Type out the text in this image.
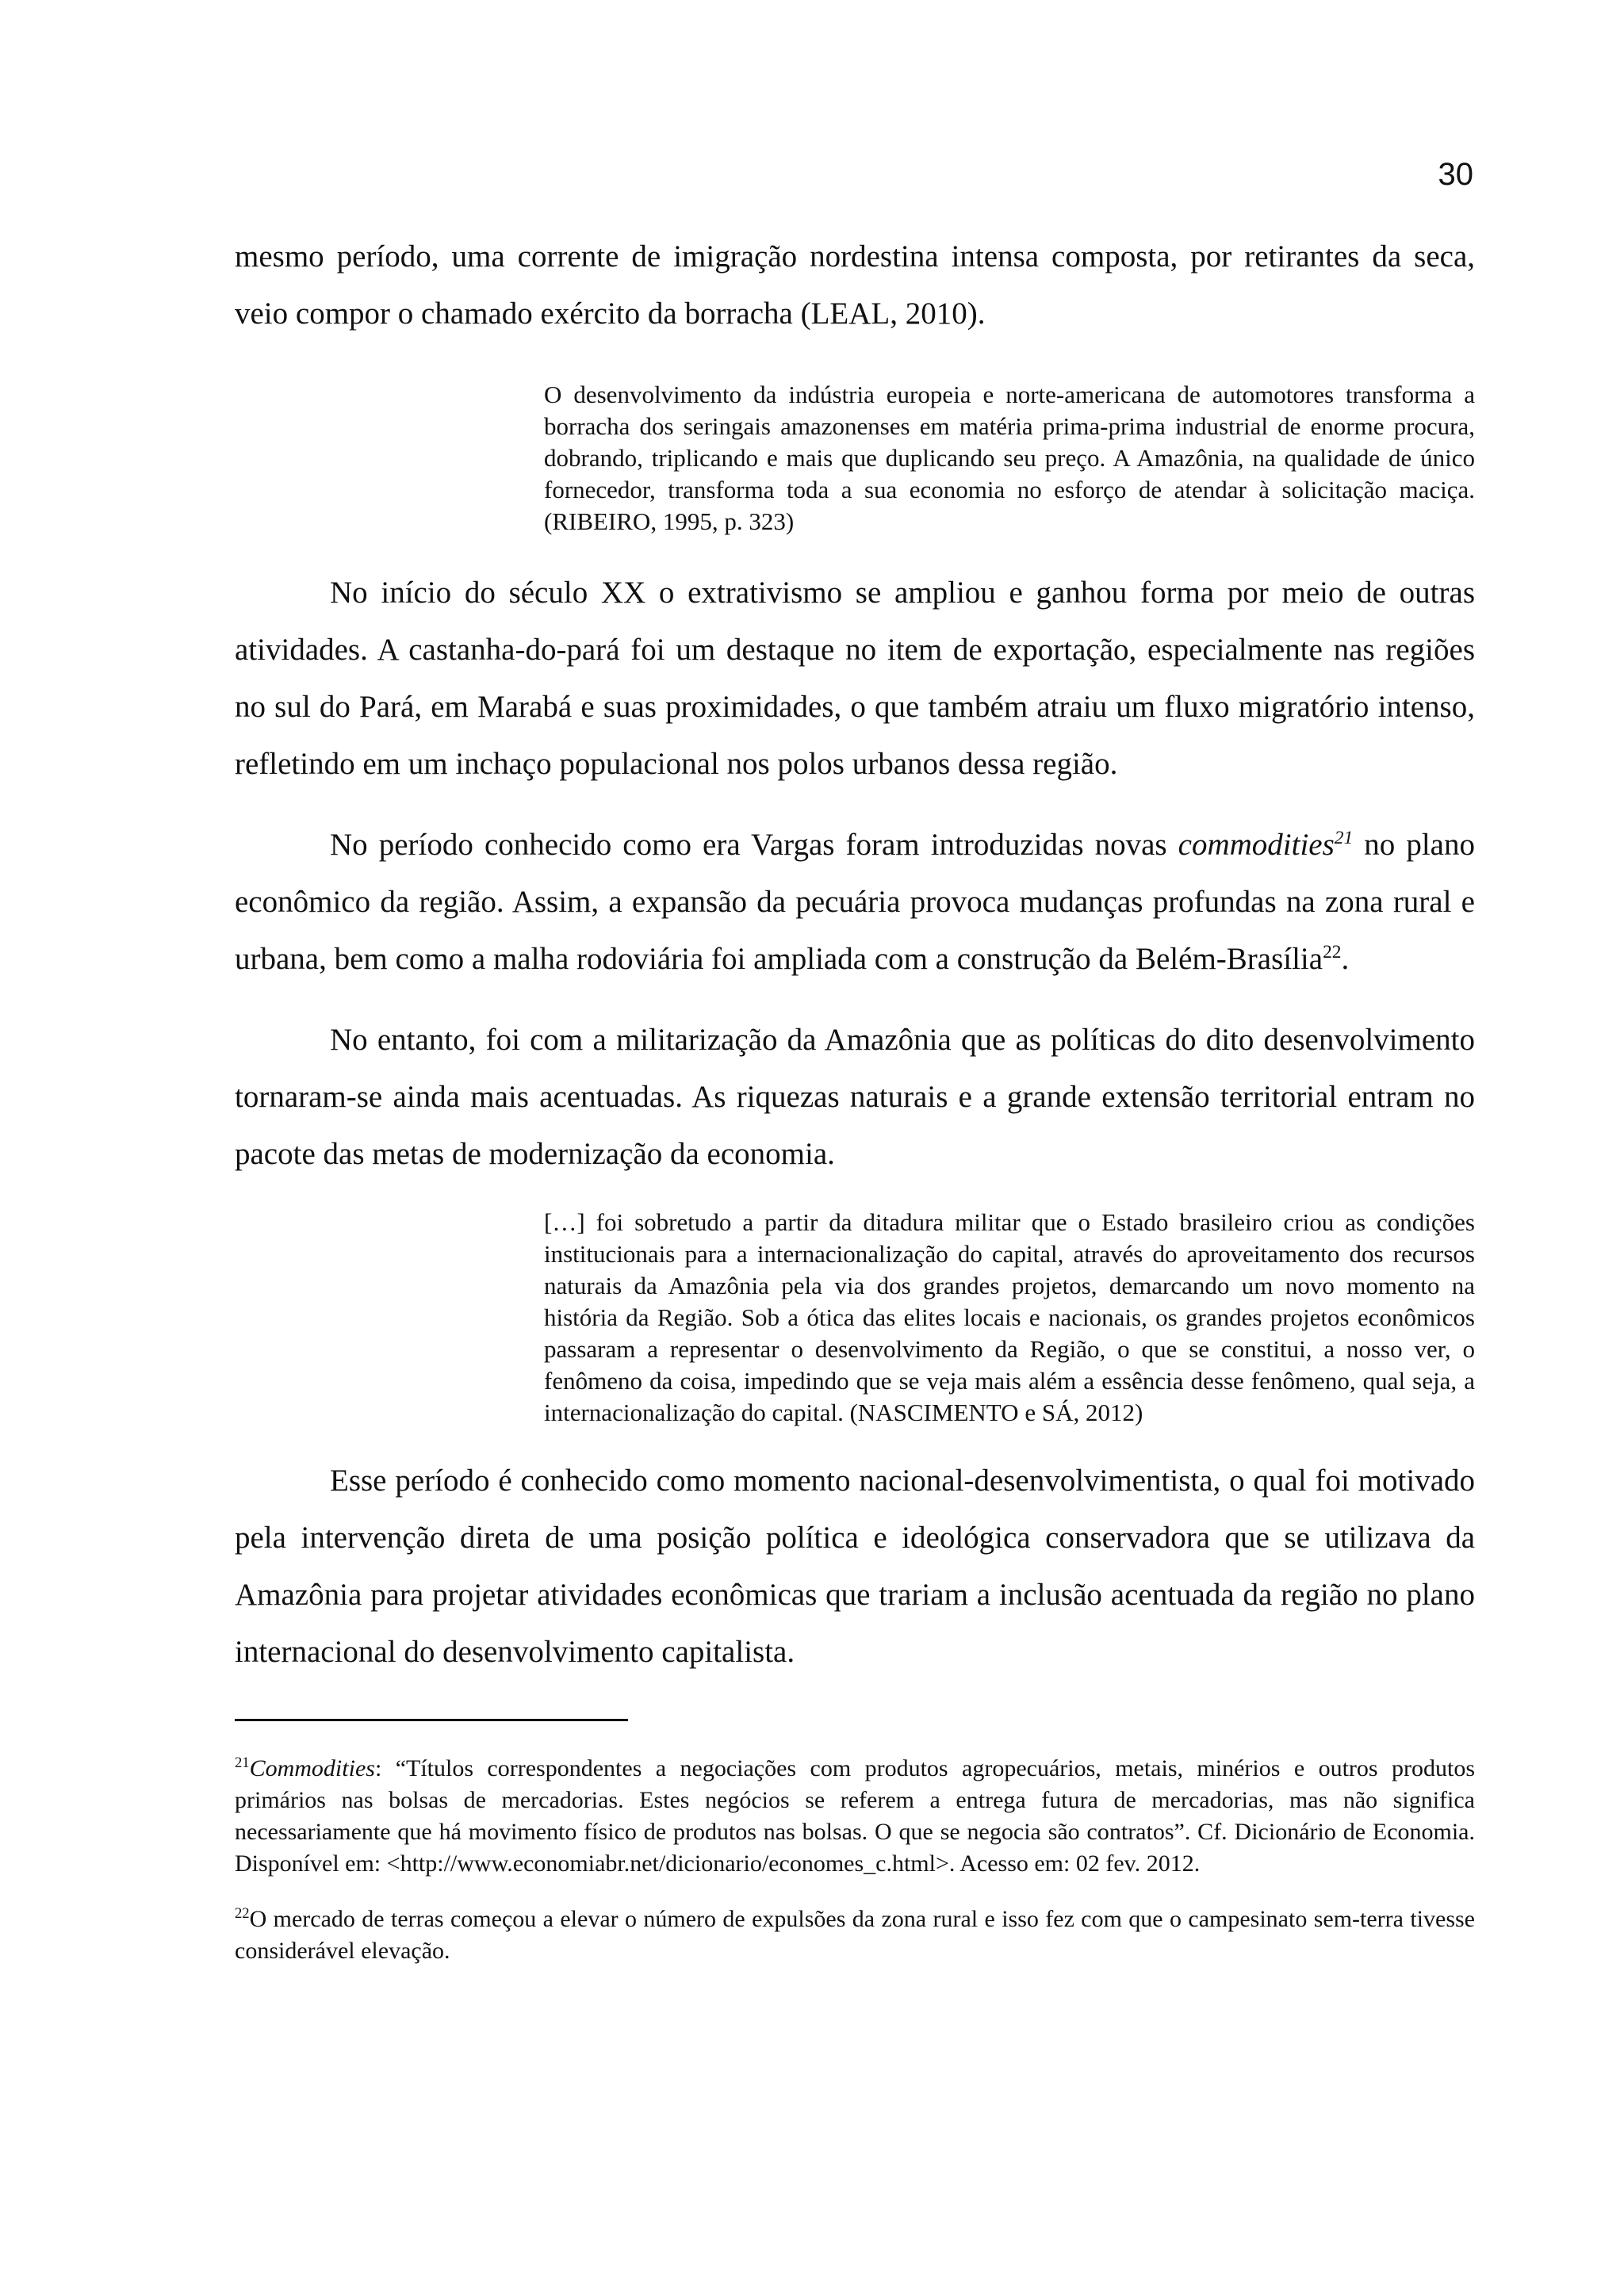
30

mesmo período, uma corrente de imigração nordestina intensa composta, por retirantes da seca, veio compor o chamado exército da borracha (LEAL, 2010).

O desenvolvimento da indústria europeia e norte-americana de automotores transforma a borracha dos seringais amazonenses em matéria prima-prima industrial de enorme procura, dobrando, triplicando e mais que duplicando seu preço. A Amazônia, na qualidade de único fornecedor, transforma toda a sua economia no esforço de atendar à solicitação maciça. (RIBEIRO, 1995, p. 323)

No início do século XX o extrativismo se ampliou e ganhou forma por meio de outras atividades. A castanha-do-pará foi um destaque no item de exportação, especialmente nas regiões no sul do Pará, em Marabá e suas proximidades, o que também atraiu um fluxo migratório intenso, refletindo em um inchaço populacional nos polos urbanos dessa região.

No período conhecido como era Vargas foram introduzidas novas commodities$^{21}$ no plano econômico da região. Assim, a expansão da pecuária provoca mudanças profundas na zona rural e urbana, bem como a malha rodoviária foi ampliada com a construção da Belém-Brasília$^{22}$.

No entanto, foi com a militarização da Amazônia que as políticas do dito desenvolvimento tornaram-se ainda mais acentuadas. As riquezas naturais e a grande extensão territorial entram no pacote das metas de modernização da economia.

[…] foi sobretudo a partir da ditadura militar que o Estado brasileiro criou as condições institucionais para a internacionalização do capital, através do aproveitamento dos recursos naturais da Amazônia pela via dos grandes projetos, demarcando um novo momento na história da Região. Sob a ótica das elites locais e nacionais, os grandes projetos econômicos passaram a representar o desenvolvimento da Região, o que se constitui, a nosso ver, o fenômeno da coisa, impedindo que se veja mais além a essência desse fenômeno, qual seja, a internacionalização do capital. (NASCIMENTO e SÁ, 2012)

Esse período é conhecido como momento nacional-desenvolvimentista, o qual foi motivado pela intervenção direta de uma posição política e ideológica conservadora que se utilizava da Amazônia para projetar atividades econômicas que trariam a inclusão acentuada da região no plano internacional do desenvolvimento capitalista.

$^{21}$Commodities: “Títulos correspondentes a negociações com produtos agropecuários, metais, minérios e outros produtos primários nas bolsas de mercadorias. Estes negócios se referem a entrega futura de mercadorias, mas não significa necessariamente que há movimento físico de produtos nas bolsas. O que se negocia são contratos”. Cf. Dicionário de Economia. Disponível em: <http://www.economiabr.net/dicionario/economes_c.html>. Acesso em: 02 fev. 2012.

$^{22}$O mercado de terras começou a elevar o número de expulsões da zona rural e isso fez com que o campesinato sem-terra tivesse considerável elevação.
